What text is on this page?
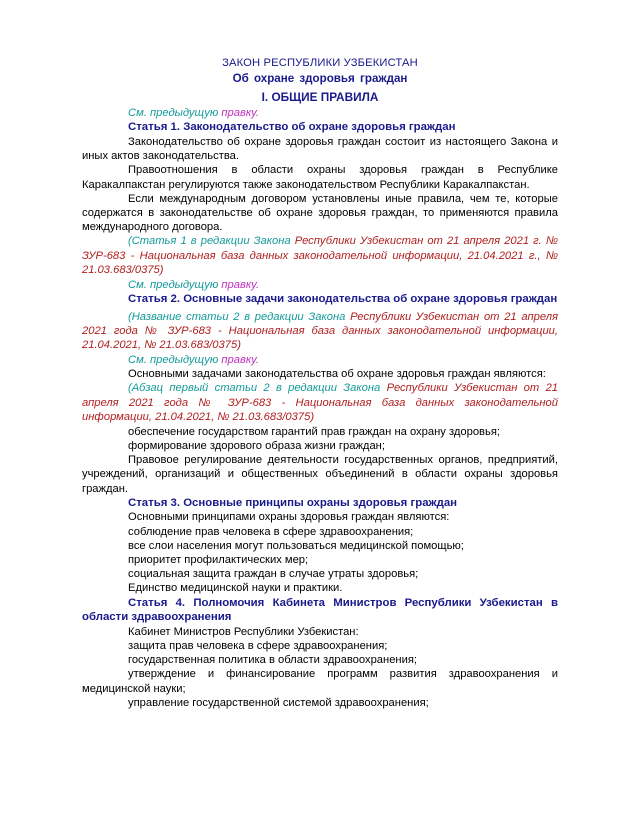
ЗАКОН РЕСПУБЛИКИ УЗБЕКИСТАН
Об охране здоровья граждан
I. ОБЩИЕ ПРАВИЛА

См. предыдущую правку.

Статья 1. Законодательство об охране здоровья граждан

Законодательство об охране здоровья граждан состоит из настоящего Закона и иных актов законодательства.

Правоотношения в области охраны здоровья граждан в Республике Каракалпакстан регулируются также законодательством Республики Каракалпакстан.

Если международным договором установлены иные правила, чем те, которые содержатся в законодательстве об охране здоровья граждан, то применяются правила международного договора.

(Статья 1 в редакции Закона Республики Узбекистан от 21 апреля 2021 г. № ЗУР-683 - Национальная база данных законодательной информации, 21.04.2021 г., № 21.03.683/0375)

См. предыдущую правку.

Статья 2. Основные задачи законодательства об охране здоровья граждан

(Название статьи 2 в редакции Закона Республики Узбекистан от 21 апреля 2021 года № ЗУР-683 - Национальная база данных законодательной информации, 21.04.2021, № 21.03.683/0375)

См. предыдущую правку.

Основными задачами законодательства об охране здоровья граждан являются:

(Абзац первый статьи 2 в редакции Закона Республики Узбекистан от 21 апреля 2021 года № ЗУР-683 - Национальная база данных законодательной информации, 21.04.2021, № 21.03.683/0375)

обеспечение государством гарантий прав граждан на охрану здоровья;

формирование здорового образа жизни граждан;

Правовое регулирование деятельности государственных органов, предприятий, учреждений, организаций и общественных объединений в области охраны здоровья граждан.

Статья 3. Основные принципы охраны здоровья граждан

Основными принципами охраны здоровья граждан являются:

соблюдение прав человека в сфере здравоохранения;

все слои населения могут пользоваться медицинской помощью;

приоритет профилактических мер;

социальная защита граждан в случае утраты здоровья;

Единство медицинской науки и практики.

Статья 4. Полномочия Кабинета Министров Республики Узбекистан в области здравоохранения

Кабинет Министров Республики Узбекистан:

защита прав человека в сфере здравоохранения;

государственная политика в области здравоохранения;

утверждение и финансирование программ развития здравоохранения и медицинской науки;

управление государственной системой здравоохранения;
